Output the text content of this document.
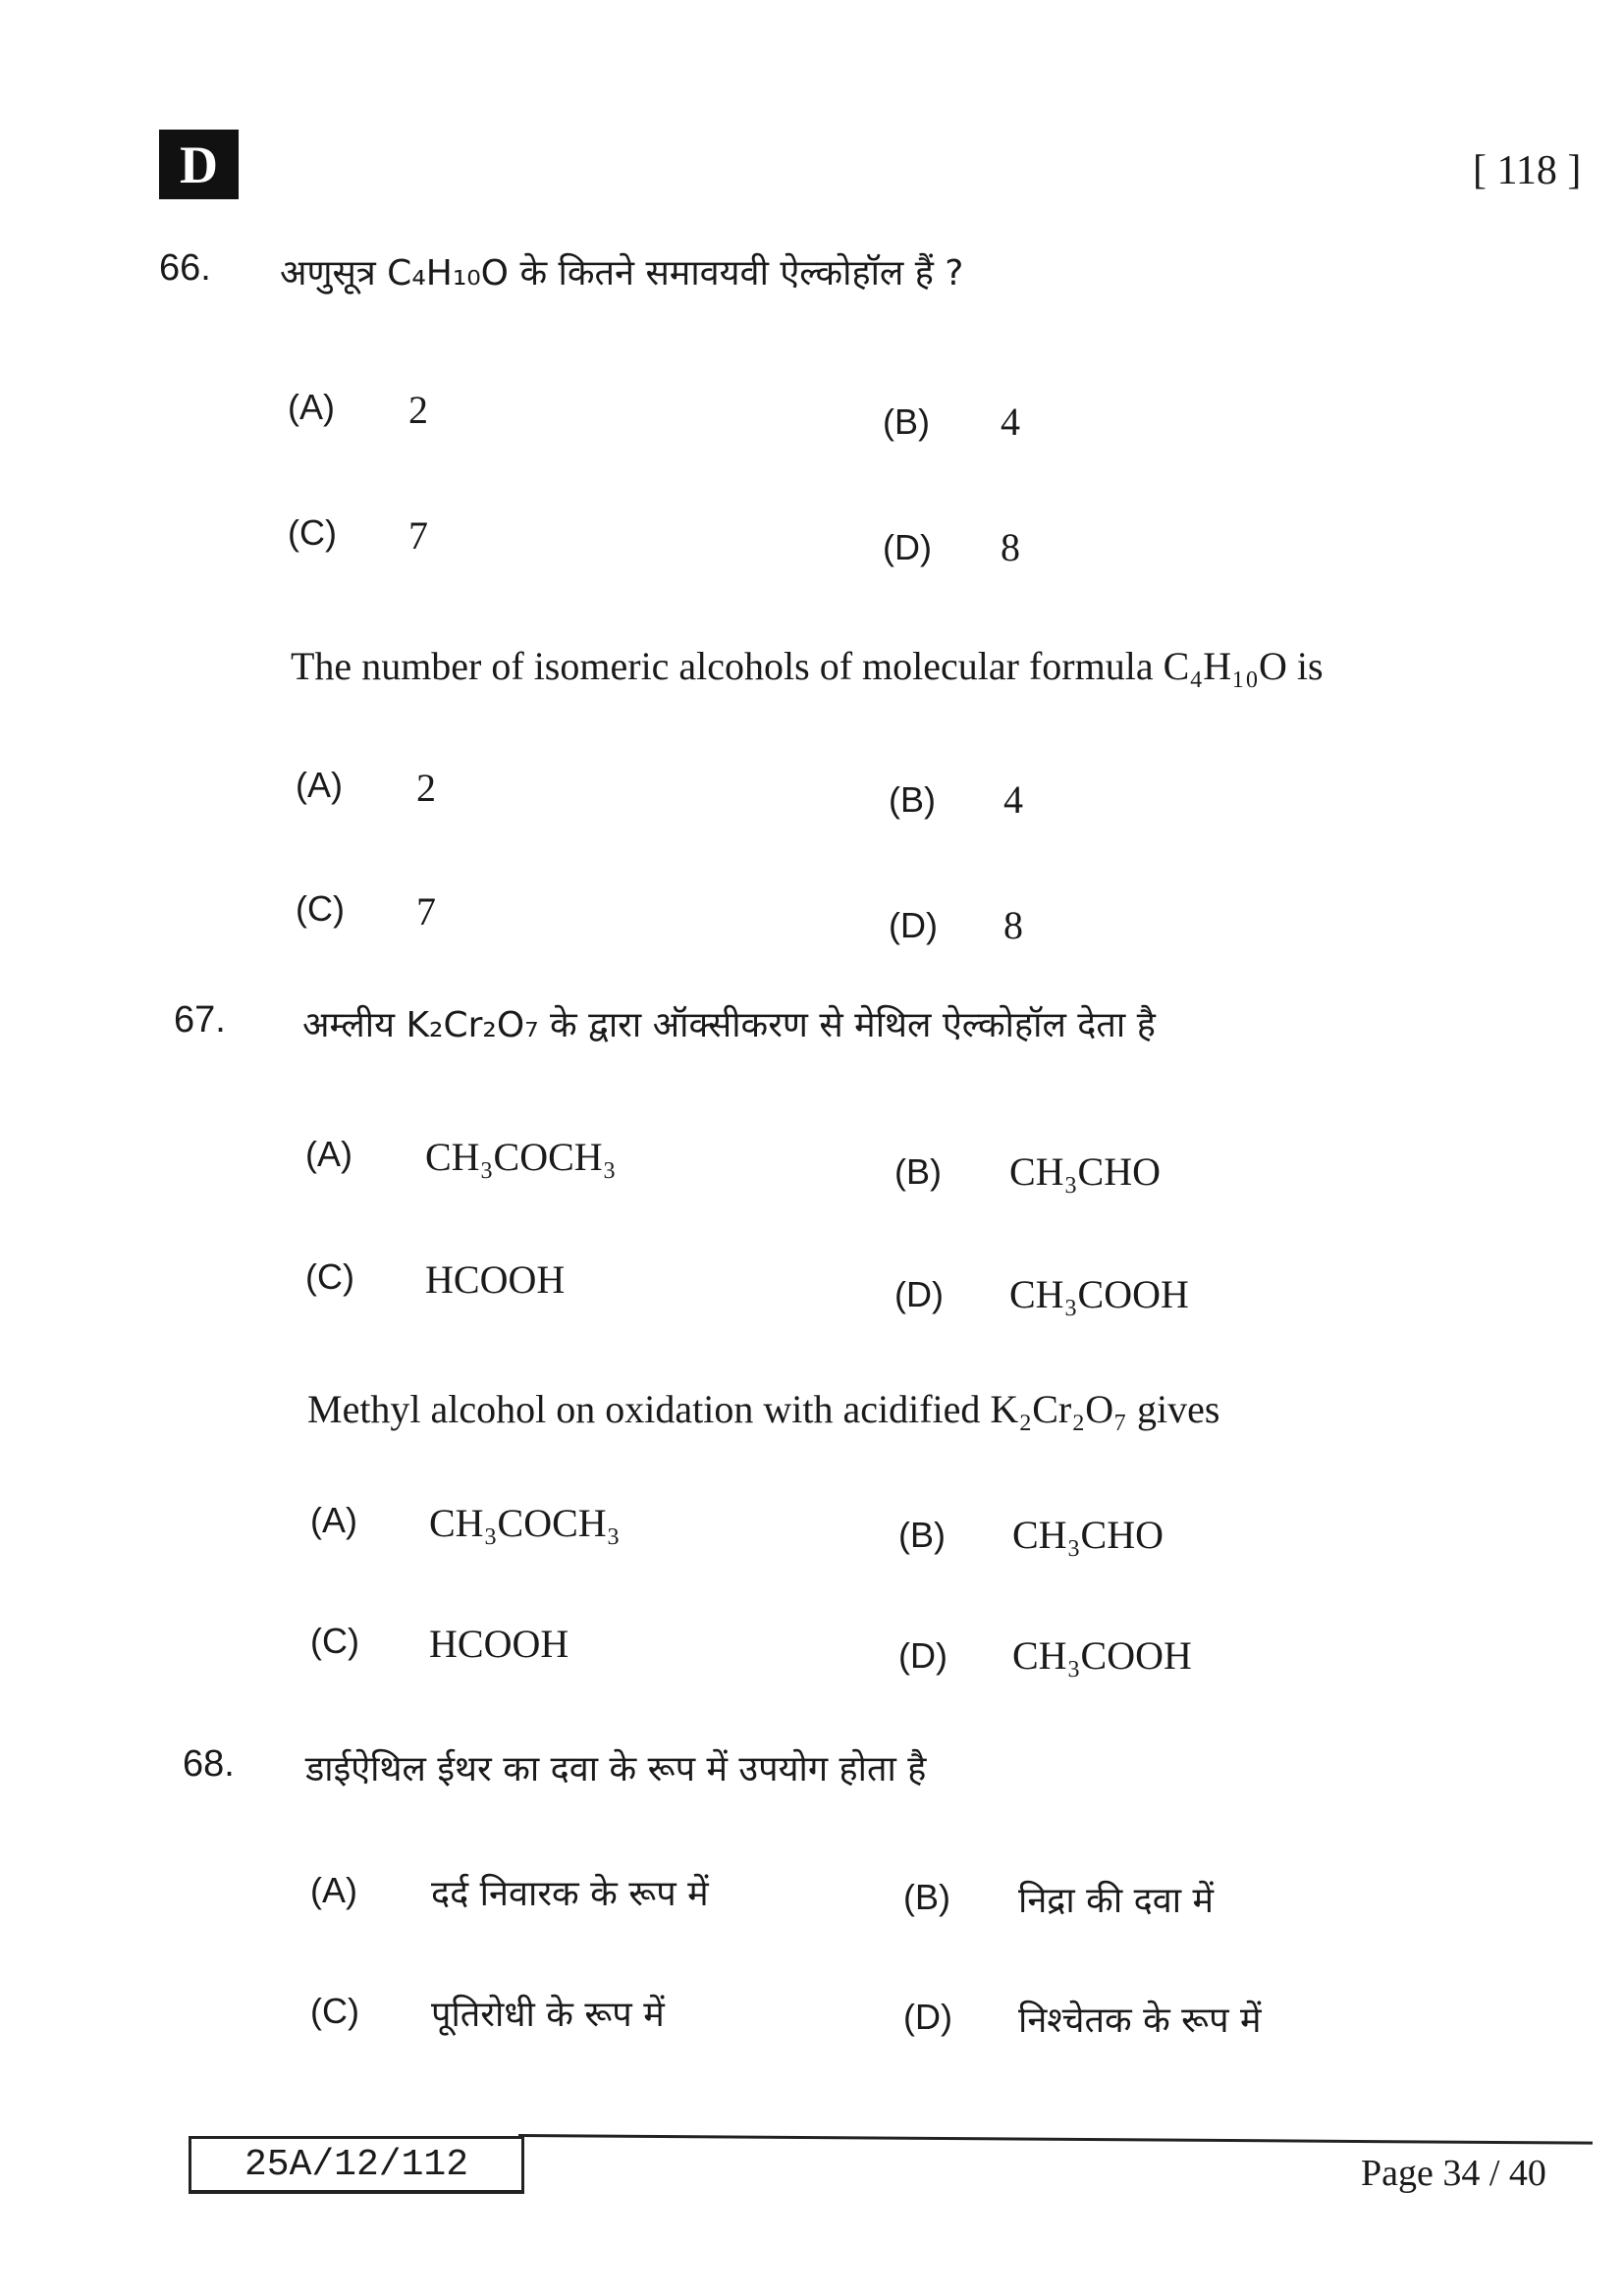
D	[ 118 ]
66. अणुसूत्र C₄H₁₀O के कितने समावयवी ऐल्कोहॉल हैं ?
(A) 2	(B) 4
(C) 7	(D) 8
The number of isomeric alcohols of molecular formula C₄H₁₀O is
(A) 2	(B) 4
(C) 7	(D) 8
67. अम्लीय K₂Cr₂O₇ के द्वारा ऑक्सीकरण से मेथिल ऐल्कोहॉल देता है
(A) CH₃COCH₃	(B) CH₃CHO
(C) HCOOH	(D) CH₃COOH
Methyl alcohol on oxidation with acidified K₂Cr₂O₇ gives
(A) CH₃COCH₃	(B) CH₃CHO
(C) HCOOH	(D) CH₃COOH
68. डाईऐथिल ईथर का दवा के रूप में उपयोग होता है
(A) दर्द निवारक के रूप में	(B) निद्रा की दवा में
(C) पूतिरोधी के रूप में	(D) निश्चेतक के रूप में
25A/12/112	Page 34 / 40
